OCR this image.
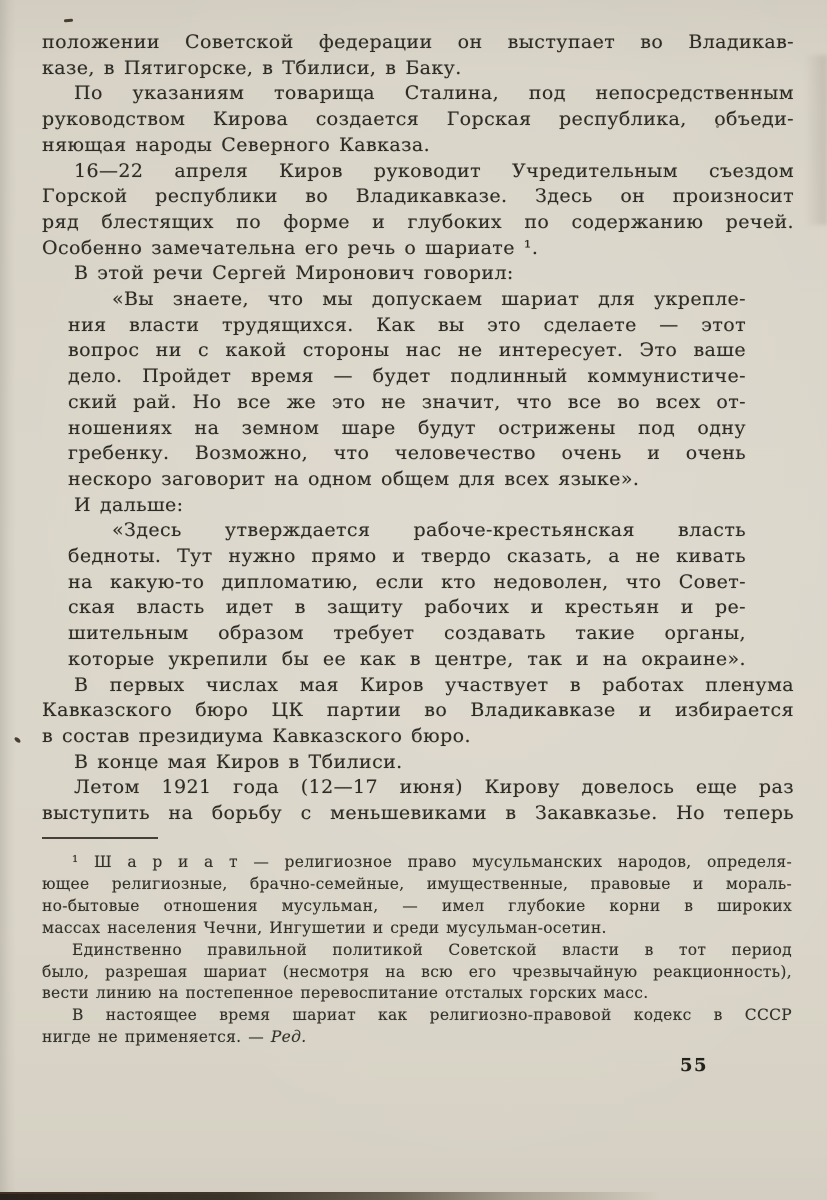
положении Советской федерации он выступает во Владикав-
казе, в Пятигорске, в Тбилиси, в Баку.
По указаниям товарища Сталина, под непосредственным
руководством Кирова создается Горская республика, объеди-
няющая народы Северного Кавказа.
16—22 апреля Киров руководит Учредительным съездом
Горской республики во Владикавказе. Здесь он произносит
ряд блестящих по форме и глубоких по содержанию речей.
Особенно замечательна его речь о шариате ¹.
В этой речи Сергей Миронович говорил:
«Вы знаете, что мы допускаем шариат для укрепле-
ния власти трудящихся. Как вы это сделаете — этот
вопрос ни с какой стороны нас не интересует. Это ваше
дело. Пройдет время — будет подлинный коммунистиче-
ский рай. Но все же это не значит, что все во всех от-
ношениях на земном шаре будут острижены под одну
гребенку. Возможно, что человечество очень и очень
нескоро заговорит на одном общем для всех языке».
И дальше:
«Здесь утверждается рабоче-крестьянская власть
бедноты. Тут нужно прямо и твердо сказать, а не кивать
на какую-то дипломатию, если кто недоволен, что Совет-
ская власть идет в защиту рабочих и крестьян и ре-
шительным образом требует создавать такие органы,
которые укрепили бы ее как в центре, так и на окраине».
В первых числах мая Киров участвует в работах пленума
Кавказского бюро ЦК партии во Владикавказе и избирается
в состав президиума Кавказского бюро.
В конце мая Киров в Тбилиси.
Летом 1921 года (12—17 июня) Кирову довелось еще раз
выступить на борьбу с меньшевиками в Закавказье. Но теперь
¹ Ш а р и а т — религиозное право мусульманских народов, определя-
ющее религиозные, брачно-семейные, имущественные, правовые и мораль-
но-бытовые отношения мусульман, — имел глубокие корни в широких
массах населения Чечни, Ингушетии и среди мусульман-осетин.
Единственно правильной политикой Советской власти в тот период
было, разрешая шариат (несмотря на всю его чрезвычайную реакционность),
вести линию на постепенное перевоспитание отсталых горских масс.
В настоящее время шариат как религиозно-правовой кодекс в СССР
нигде не применяется. — Ред.
55
